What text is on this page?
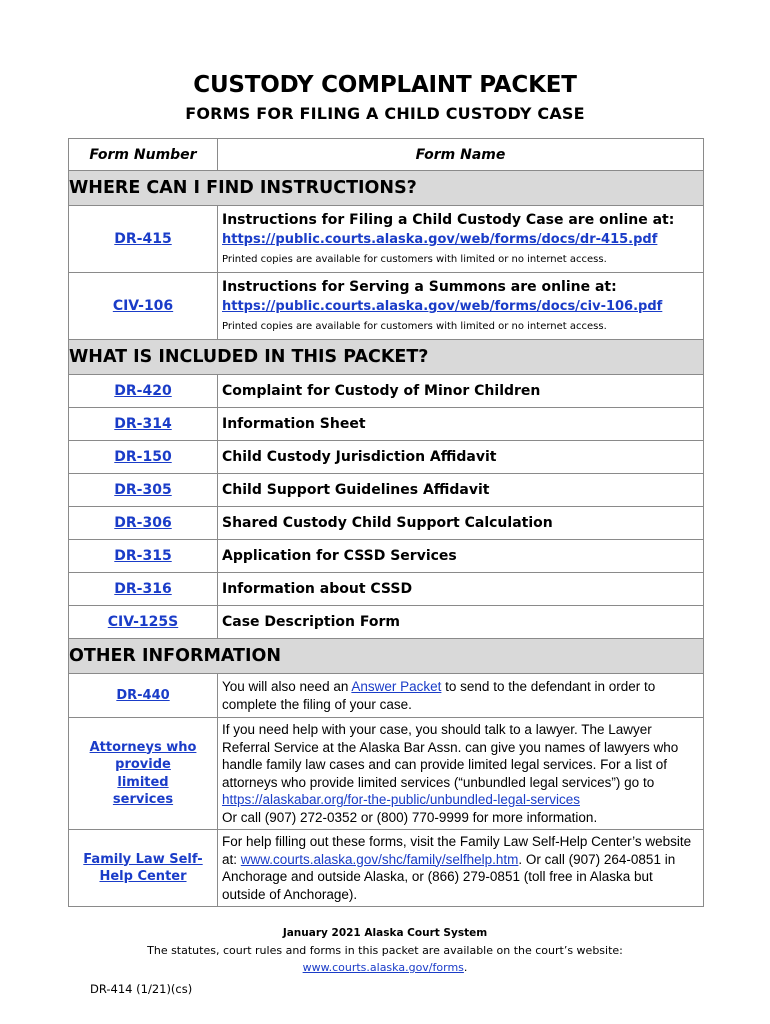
CUSTODY COMPLAINT PACKET
FORMS FOR FILING A CHILD CUSTODY CASE
Form Number	Form Name
WHERE CAN I FIND INSTRUCTIONS?	
DR-415	Instructions for Filing a Child Custody Case are online at:
https://public.courts.alaska.gov/web/forms/docs/dr-415.pdf
Printed copies are available for customers with limited or no internet access.

CIV-106	Instructions for Serving a Summons are online at:
https://public.courts.alaska.gov/web/forms/docs/civ-106.pdf
Printed copies are available for customers with limited or no internet access.

WHAT IS INCLUDED IN THIS PACKET?	
DR-420	Complaint for Custody of Minor Children
DR-314	Information Sheet
DR-150	Child Custody Jurisdiction Affidavit
DR-305	Child Support Guidelines Affidavit
DR-306	Shared Custody Child Support Calculation
DR-315	Application for CSSD Services
DR-316	Information about CSSD
CIV-125S	Case Description Form
OTHER INFORMATION	
DR-440	You will also need an Answer Packet to send to the defendant in order to complete the filing of your case.
Attorneys who provide limited services	If you need help with your case, you should talk to a lawyer. The Lawyer Referral Service at the Alaska Bar Assn. can give you names of lawyers who handle family law cases and can provide limited legal services. For a list of attorneys who provide limited services (“unbundled legal services”) go to
https://alaskabar.org/for-the-public/unbundled-legal-services
Or call (907) 272-0352 or (800) 770-9999 for more information.
Family Law Self-Help Center	For help filling out these forms, visit the Family Law Self-Help Center’s website at: www.courts.alaska.gov/shc/family/selfhelp.htm. Or call (907) 264-0851 in Anchorage and outside Alaska, or (866) 279-0851 (toll free in Alaska but outside of Anchorage).
January 2021 Alaska Court System
The statutes, court rules and forms in this packet are available on the court’s website:
www.courts.alaska.gov/forms.
DR-414 (1/21)(cs)
